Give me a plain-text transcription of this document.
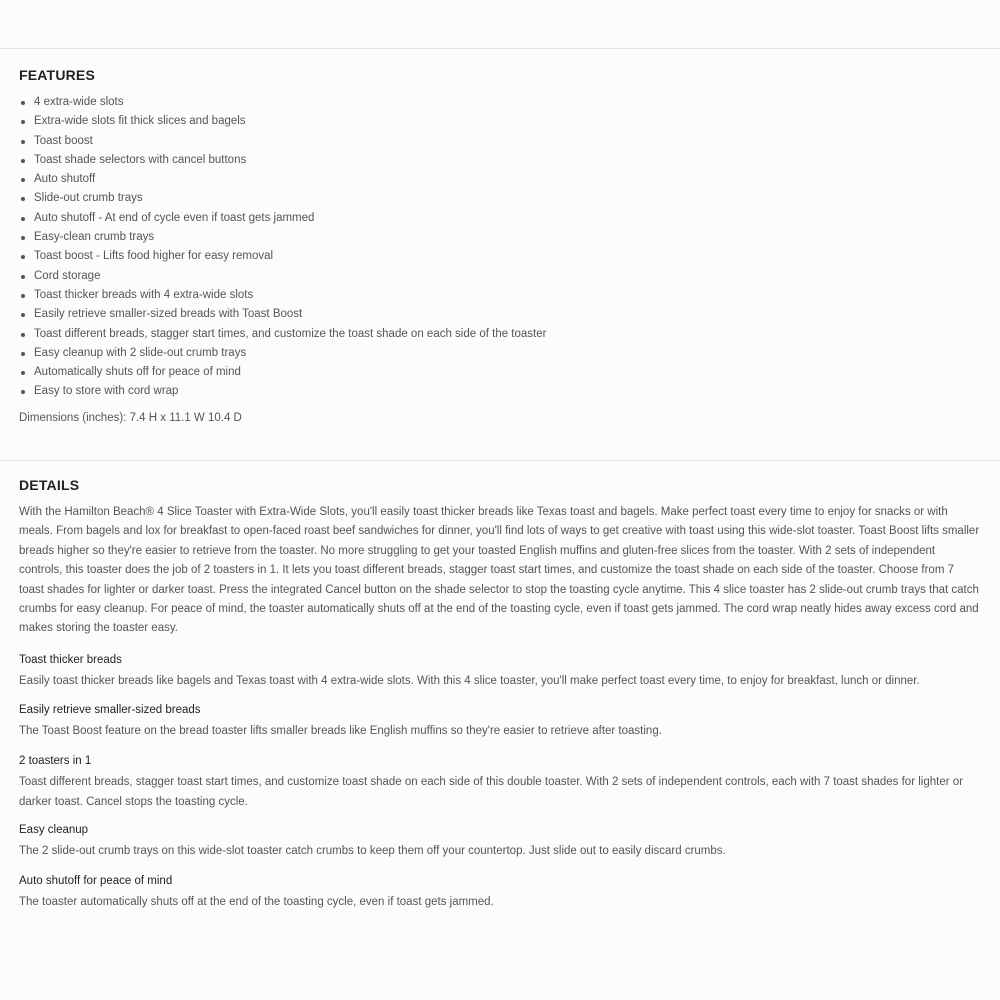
FEATURES
4 extra-wide slots
Extra-wide slots fit thick slices and bagels
Toast boost
Toast shade selectors with cancel buttons
Auto shutoff
Slide-out crumb trays
Auto shutoff - At end of cycle even if toast gets jammed
Easy-clean crumb trays
Toast boost - Lifts food higher for easy removal
Cord storage
Toast thicker breads with 4 extra-wide slots
Easily retrieve smaller-sized breads with Toast Boost
Toast different breads, stagger start times, and customize the toast shade on each side of the toaster
Easy cleanup with 2 slide-out crumb trays
Automatically shuts off for peace of mind
Easy to store with cord wrap

Dimensions (inches): 7.4 H x 11.1 W 10.4 D

DETAILS

With the Hamilton Beach® 4 Slice Toaster with Extra-Wide Slots, you'll easily toast thicker breads like Texas toast and bagels. Make perfect toast every time to enjoy for snacks or with meals. From bagels and lox for breakfast to open-faced roast beef sandwiches for dinner, you'll find lots of ways to get creative with toast using this wide-slot toaster. Toast Boost lifts smaller breads higher so they're easier to retrieve from the toaster. No more struggling to get your toasted English muffins and gluten-free slices from the toaster. With 2 sets of independent controls, this toaster does the job of 2 toasters in 1. It lets you toast different breads, stagger toast start times, and customize the toast shade on each side of the toaster. Choose from 7 toast shades for lighter or darker toast. Press the integrated Cancel button on the shade selector to stop the toasting cycle anytime. This 4 slice toaster has 2 slide-out crumb trays that catch crumbs for easy cleanup. For peace of mind, the toaster automatically shuts off at the end of the toasting cycle, even if toast gets jammed. The cord wrap neatly hides away excess cord and makes storing the toaster easy.

Toast thicker breads

Easily toast thicker breads like bagels and Texas toast with 4 extra-wide slots. With this 4 slice toaster, you'll make perfect toast every time, to enjoy for breakfast, lunch or dinner.

Easily retrieve smaller-sized breads

The Toast Boost feature on the bread toaster lifts smaller breads like English muffins so they're easier to retrieve after toasting.

2 toasters in 1

Toast different breads, stagger toast start times, and customize toast shade on each side of this double toaster. With 2 sets of independent controls, each with 7 toast shades for lighter or darker toast. Cancel stops the toasting cycle.

Easy cleanup

The 2 slide-out crumb trays on this wide-slot toaster catch crumbs to keep them off your countertop. Just slide out to easily discard crumbs.

Auto shutoff for peace of mind

The toaster automatically shuts off at the end of the toasting cycle, even if toast gets jammed.
